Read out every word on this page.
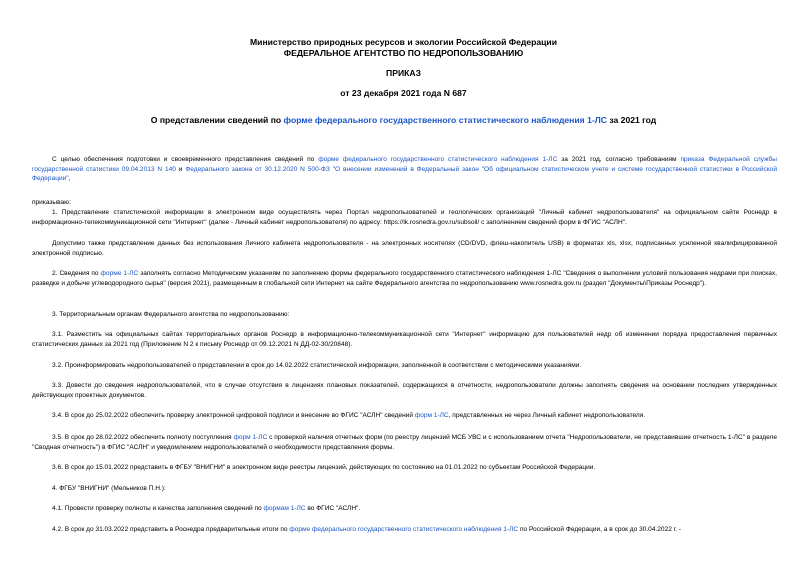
Министерство природных ресурсов и экологии Российской Федерации
ФЕДЕРАЛЬНОЕ АГЕНТСТВО ПО НЕДРОПОЛЬЗОВАНИЮ
ПРИКАЗ
от 23 декабря 2021 года N 687
О представлении сведений по форме федерального государственного статистического наблюдения 1-ЛС за 2021 год
С целью обеспечения подготовки и своевременного представления сведений по форме федерального государственного статистического наблюдения 1-ЛС за 2021 год, согласно требованиям приказа Федеральной службы государственной статистики 09.04.2013 N 140 и Федерального закона от 30.12.2020 N 500-ФЗ "О внесении изменений в Федеральный закон "Об официальном статистическом учете и системе государственной статистики в Российской Федерации",
приказываю:
1. Представление статистической информации в электронном виде осуществлять через Портал недропользователей и геологических организаций "Личный кабинет недропользователя" на официальном сайте Роснедр в информационно-телекоммуникационной сети "Интернет" (далее - Личный кабинет недропользователя) по адресу: https://lk.rosnedra.gov.ru/subsoil/ с заполнением сведений форм в ФГИС "АСЛН".
Допустимо также представление данных без использования Личного кабинета недропользователя - на электронных носителях (CD/DVD, флеш-накопитель USB) в форматах xls, xlsx, подписанных усиленной квалифицированной электронной подписью.
2. Сведения по форме 1-ЛС заполнять согласно Методическим указаниям по заполнению формы федерального государственного статистического наблюдения 1-ЛС "Сведения о выполнении условий пользования недрами при поисках, разведке и добыче углеводородного сырья" (версия 2021), размещенным в глобальной сети Интернет на сайте Федерального агентства по недропользованию www.rosnedra.gov.ru (раздел "Документы\Приказы Роснедр").
3. Территориальным органам Федерального агентства по недропользованию:
3.1. Разместить на официальных сайтах территориальных органов Роснедр в информационно-телекоммуникационной сети "Интернет" информацию для пользователей недр об изменении порядка предоставления первичных статистических данных за 2021 год (Приложение N 2 к письму Роснедр от 09.12.2021 N ДД-02-30/20848).
3.2. Проинформировать недропользователей о представлении в срок до 14.02.2022 статистической информации, заполненной в соответствии с методическими указаниями.
3.3. Довести до сведения недропользователей, что в случае отсутствия в лицензиях плановых показателей, содержащихся в отчетности, недропользователи должны заполнять сведения на основании последних утвержденных действующих проектных документов.
3.4. В срок до 25.02.2022 обеспечить проверку электронной цифровой подписи и внесение во ФГИС "АСЛН" сведений форм 1-ЛС, представленных не через Личный кабинет недропользователя.
3.5. В срок до 28.02.2022 обеспечить полноту поступления форм 1-ЛС с проверкой наличия отчетных форм (по реестру лицензий МСБ УВС и с использованием отчета "Недропользователи, не представившие отчетность 1-ЛС" в разделе "Сводная отчетность") в ФГИС "АСЛН" и уведомлением недропользователей о необходимости представления формы.
3.6. В срок до 15.01.2022 представить в ФГБУ "ВНИГНИ" в электронном виде реестры лицензий, действующих по состоянию на 01.01.2022 по субъектам Российской Федерации.
4. ФГБУ "ВНИГНИ" (Мельников П.Н.):
4.1. Провести проверку полноты и качества заполнения сведений по формам 1-ЛС во ФГИС "АСЛН".
4.2. В срок до 31.03.2022 представить в Роснедра предварительные итоги по форме федерального государственного статистического наблюдения 1-ЛС по Российской Федерации, а в срок до 30.04.2022 г. -
